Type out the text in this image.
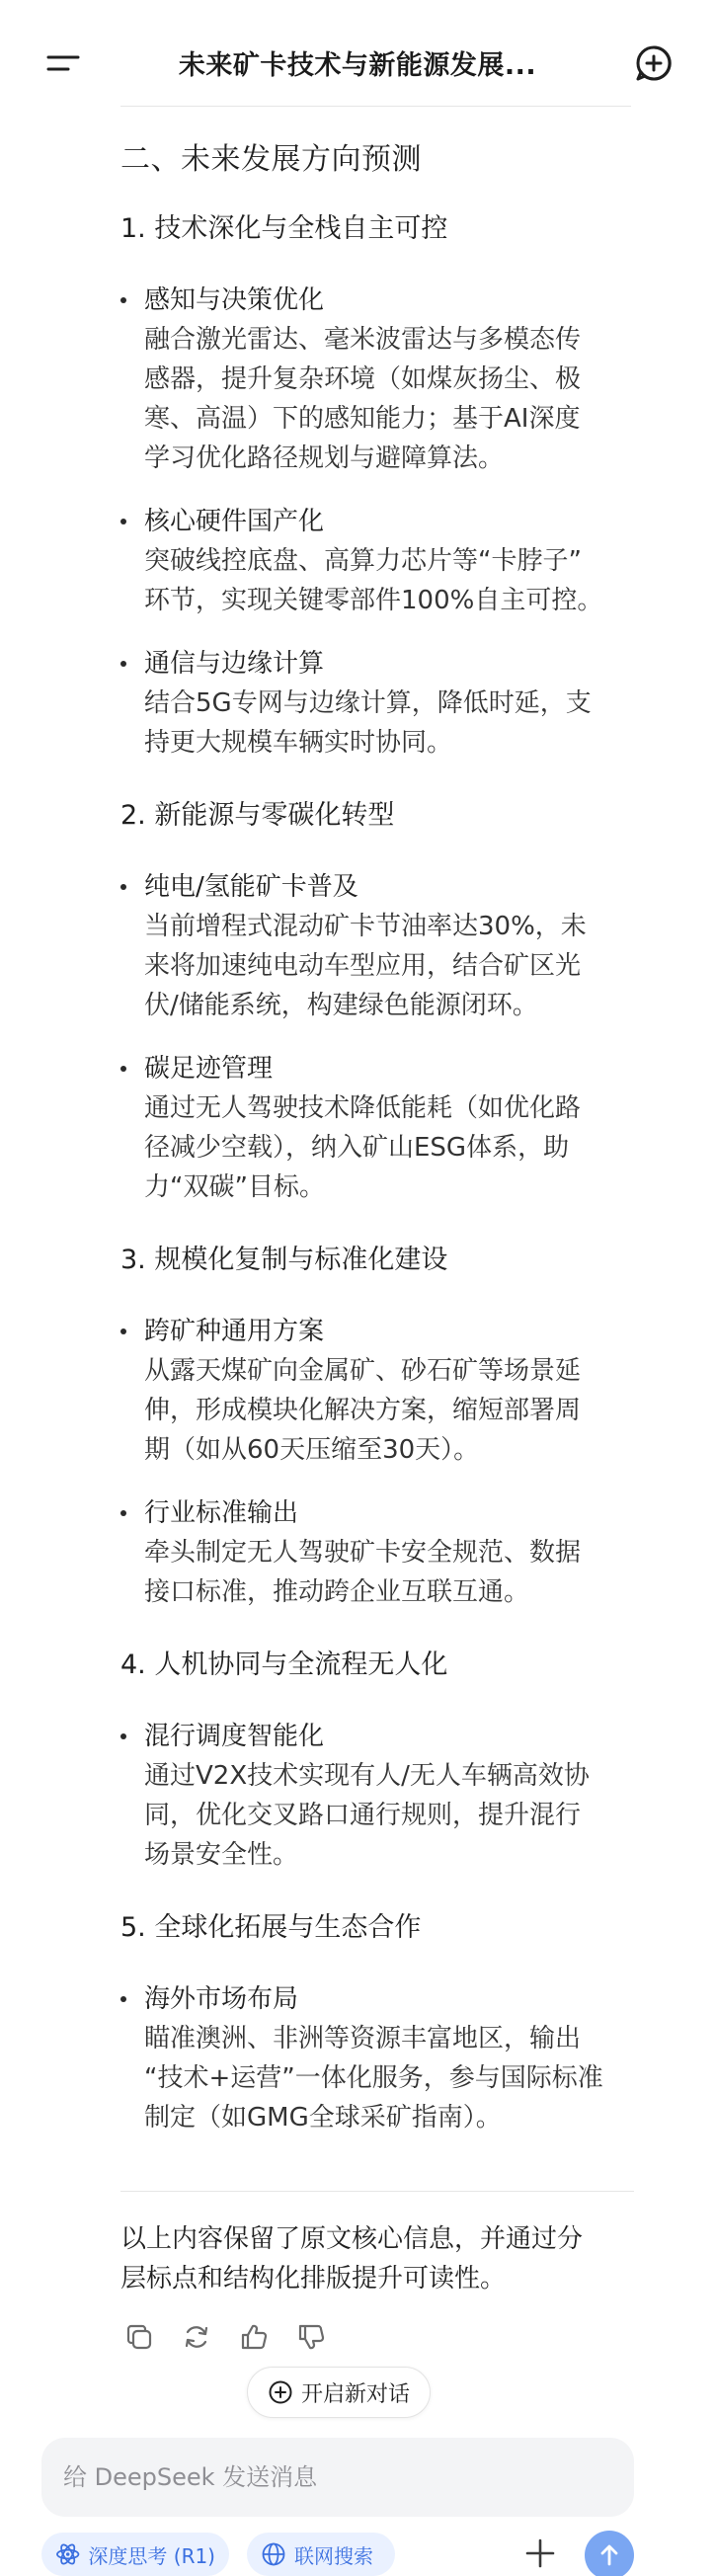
未来矿卡技术与新能源发展...
二、未来发展方向预测
1. 技术深化与全栈自主可控
感知与决策优化
融合激光雷达、毫米波雷达与多模态传
感器，提升复杂环境（如煤灰扬尘、极
寒、高温）下的感知能力；基于AI深度
学习优化路径规划与避障算法。
核心硬件国产化
突破线控底盘、高算力芯片等“卡脖子”
环节，实现关键零部件100%自主可控。
通信与边缘计算
结合5G专网与边缘计算，降低时延，支
持更大规模车辆实时协同。
2. 新能源与零碳化转型
纯电/氢能矿卡普及
当前增程式混动矿卡节油率达30%，未
来将加速纯电动车型应用，结合矿区光
伏/储能系统，构建绿色能源闭环。
碳足迹管理
通过无人驾驶技术降低能耗（如优化路
径减少空载），纳入矿山ESG体系，助
力“双碳”目标。
3. 规模化复制与标准化建设
跨矿种通用方案
从露天煤矿向金属矿、砂石矿等场景延
伸，形成模块化解决方案，缩短部署周
期（如从60天压缩至30天）。
行业标准输出
牵头制定无人驾驶矿卡安全规范、数据
接口标准，推动跨企业互联互通。
4. 人机协同与全流程无人化
混行调度智能化
通过V2X技术实现有人/无人车辆高效协
同，优化交叉路口通行规则，提升混行
场景安全性。
5. 全球化拓展与生态合作
海外市场布局
瞄准澳洲、非洲等资源丰富地区，输出
“技术+运营”一体化服务，参与国际标准
制定（如GMG全球采矿指南）。
以上内容保留了原文核心信息，并通过分
层标点和结构化排版提升可读性。
开启新对话
给 DeepSeek 发送消息
深度思考 (R1)	联网搜索
